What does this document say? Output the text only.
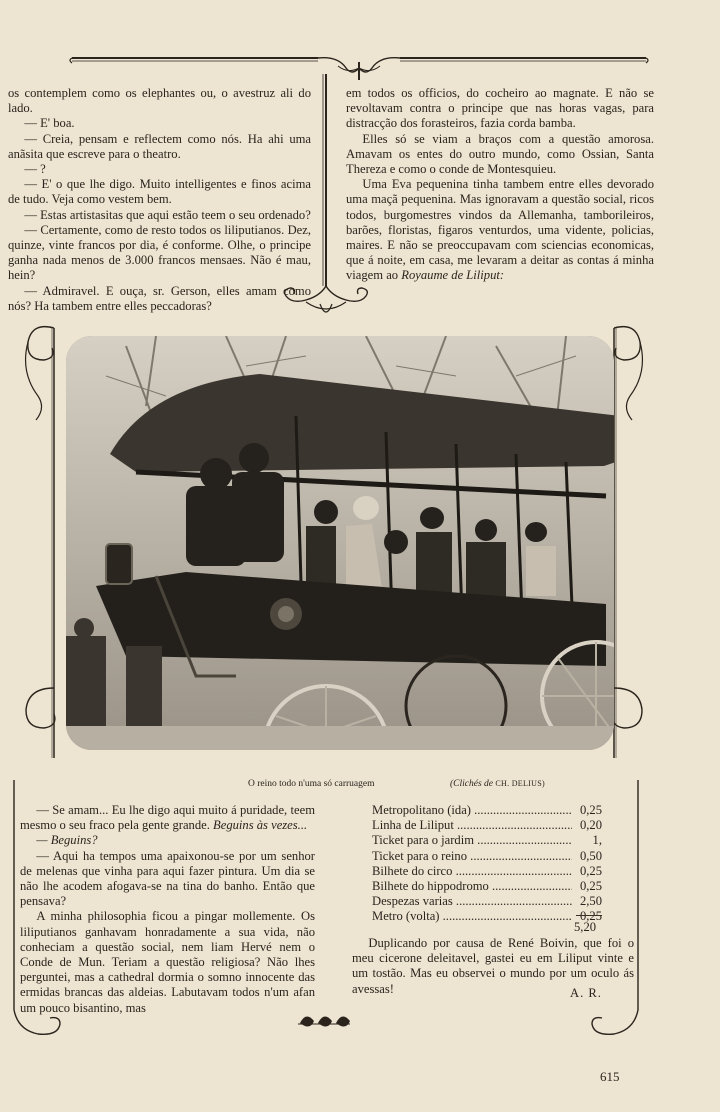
os contemplem como os elephantes ou, o avestruz ali do lado.

— E' boa.

— Creia, pensam e reflectem como nós. Ha ahi uma anãsita que escreve para o theatro.

— ?

— E' o que lhe digo. Muito intelligentes e finos acima de tudo. Veja como vestem bem.

— Estas artistasitas que aqui estão teem o seu ordenado?

— Certamente, como de resto todos os liliputianos. Dez, quinze, vinte francos por dia, é conforme. Olhe, o principe ganha nada menos de 3.000 francos mensaes. Não é mau, hein?

— Admiravel. E ouça, sr. Gerson, elles amam como nós? Ha tambem entre elles peccadoras?

em todos os officios, do cocheiro ao magnate. E não se revoltavam contra o principe que nas horas vagas, para distracção dos forasteiros, fazia corda bamba.

Elles só se viam a braços com a questão amorosa. Amavam os entes do outro mundo, como Ossian, Santa Thereza e como o conde de Montesquieu.

Uma Eva pequenina tinha tambem entre elles devorado uma maçã pequenina. Mas ignoravam a questão social, ricos todos, burgomestres vindos da Allemanha, tamborileiros, barões, floristas, figaros venturdos, uma vidente, policias, maires. E não se preoccupavam com sciencias economicas, que á noite, em casa, me levaram a deitar as contas á minha viagem ao Royaume de Liliput:

O reino todo n'uma só carruagem	(Clichés de CH. DELIUS)

— Se amam... Eu lhe digo aqui muito á puridade, teem mesmo o seu fraco pela gente grande. Beguins às vezes...

— Beguins?

— Aqui ha tempos uma apaixonou-se por um senhor de melenas que vinha para aqui fazer pintura. Um dia se não lhe acodem afogava-se na tina do banho. Então que pensava?

A minha philosophia ficou a pingar mollemente. Os liliputianos ganhavam honradamente a sua vida, não conheciam a questão social, nem liam Hervé nem o Conde de Mun. Teriam a questão religiosa? Não lhes perguntei, mas a cathedral dormia o somno innocente das ermidas brancas das aldeias. Labutavam todos n'um afan um pouco bisantino, mas

Metropolitano (ida) .....	0,25
Linha de Liliput .....	0,20
Ticket para o jardim .....	1,
Ticket para o reino .....	0,50
Bilhete do circo .....	0,25
Bilhete do hippodromo .....	0,25
Despezas varias .....	2,50
Metro (volta) .....	0,25
5,20

Duplicando por causa de René Boivin, que foi o meu cicerone deleitavel, gastei eu em Liliput vinte e um tostão. Mas eu observei o mundo por um oculo ás avessas!	A. R.
615
